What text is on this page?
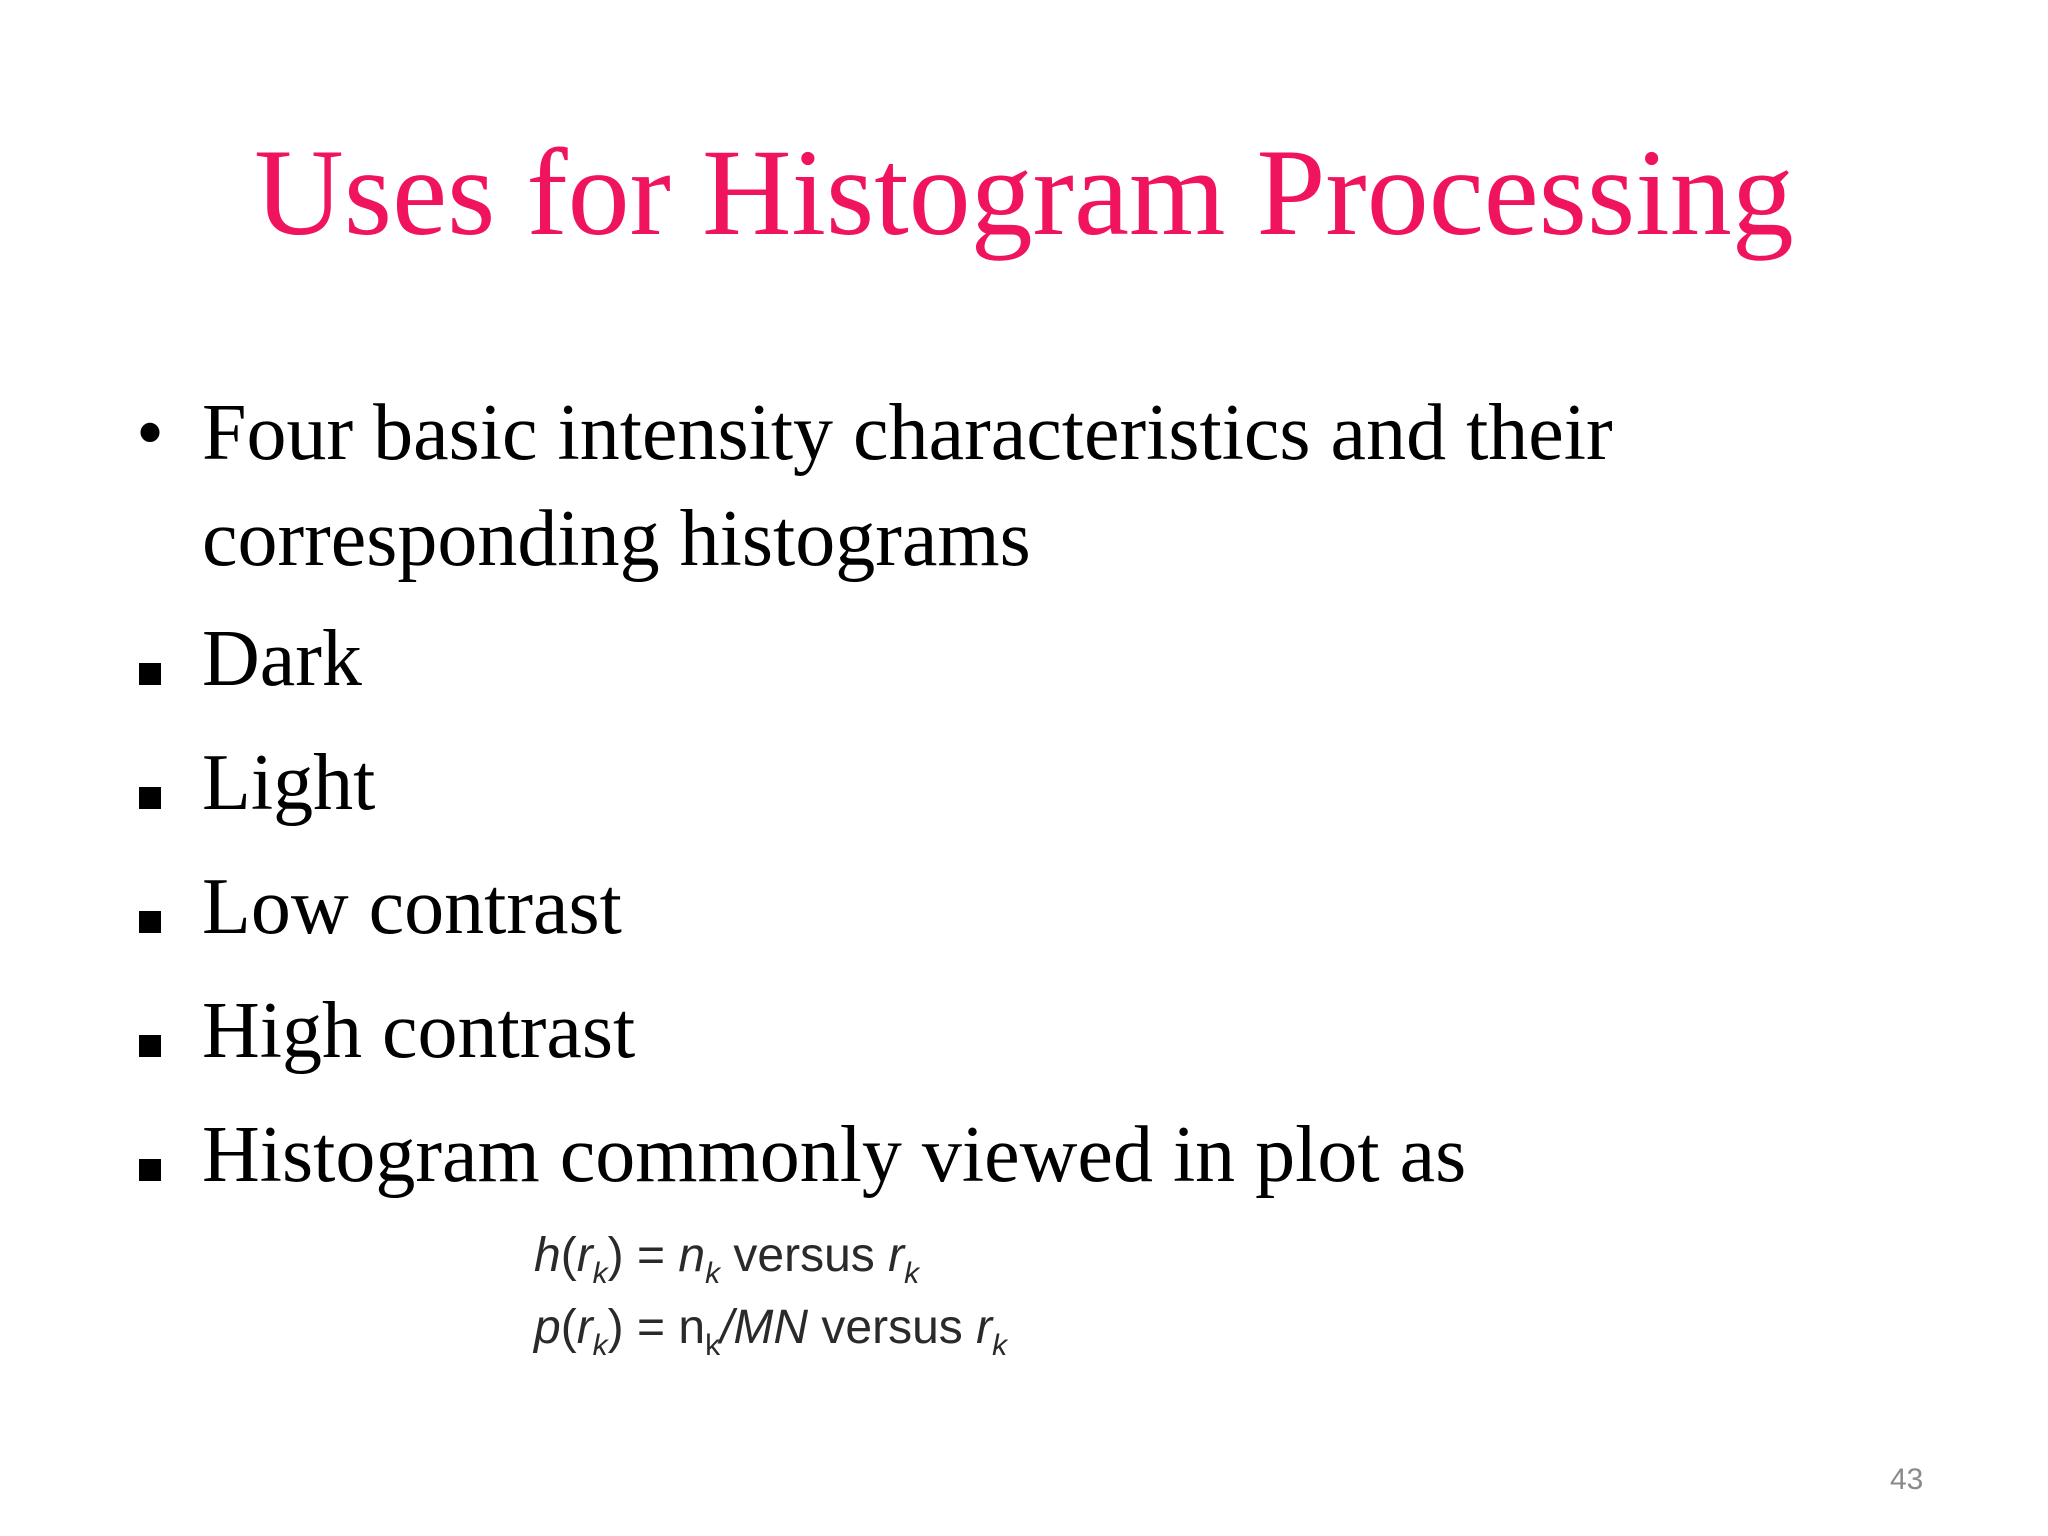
Uses for Histogram Processing
• Four basic intensity characteristics and their corresponding histograms
Dark
Light
Low contrast
High contrast
Histogram commonly viewed in plot as
$h(r_k) = n_k$ versus $r_k$
$p(r_k) = n_k/MN$ versus $r_k$
43
